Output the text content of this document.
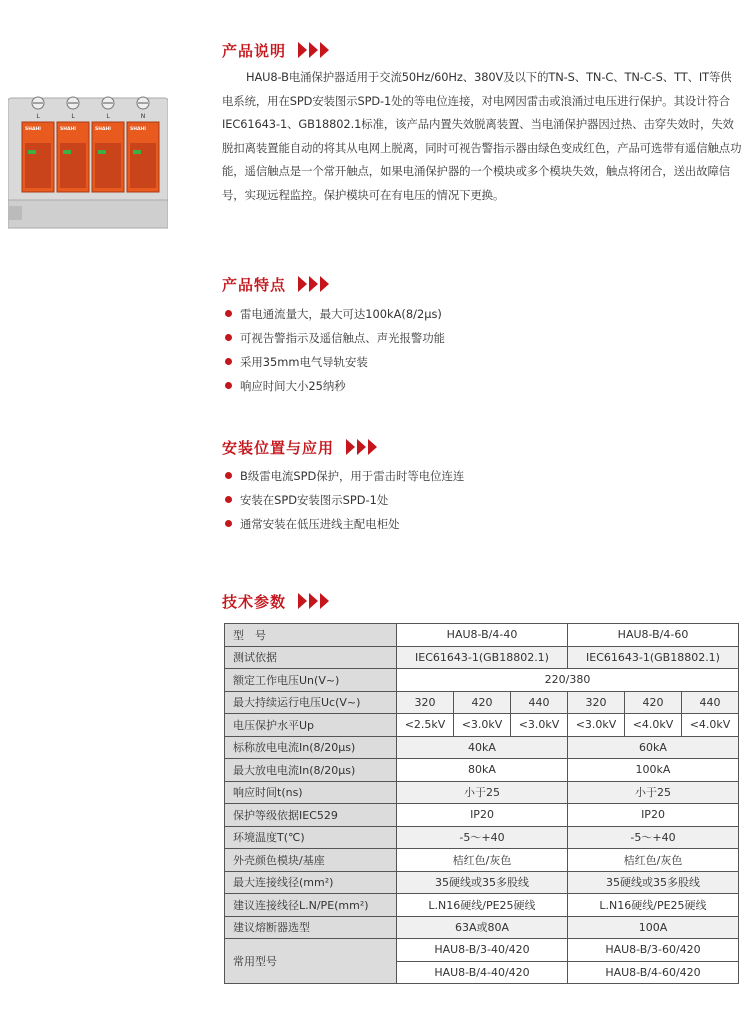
L	L	L	N
SHAHI	SHAHI	SHAHI	SHAHI
产品说明
HAU8-B电涌保护器适用于交流50Hz/60Hz、380V及以下的TN-S、TN-C、TN-C-S、TT、IT等供电系统，用在SPD安装图示SPD-1处的等电位连接，对电网因雷击或浪涌过电压进行保护。其设计符合IEC61643-1、GB18802.1标准，该产品内置失效脱离装置、当电涌保护器因过热、击穿失效时，失效脱扣离装置能自动的将其从电网上脱离，同时可视告警指示器由绿色变成红色，产品可选带有遥信触点功能，遥信触点是一个常开触点，如果电涌保护器的一个模块或多个模块失效，触点将闭合，送出故障信号，实现远程监控。保护模块可在有电压的情况下更换。
产品特点
雷电通流量大，最大可达100kA(8/2μs)
可视告警指示及遥信触点、声光报警功能
采用35mm电气导轨安装
响应时间大小25纳秒
安装位置与应用
B级雷电流SPD保护，用于雷击时等电位连连
安装在SPD安装图示SPD-1处
通常安装在低压进线主配电柜处
技术参数
型　号	HAU8-B/4-40			HAU8-B/4-60		
测试依据	IEC61643-1(GB18802.1)			IEC61643-1(GB18802.1)		
额定工作电压Un(V~)	220/380					
最大持续运行电压Uc(V~)	320	420	440	320	420	440
电压保护水平Up	<2.5kV	<3.0kV	<3.0kV	<3.0kV	<4.0kV	<4.0kV
标称放电电流In(8/20μs)	40kA			60kA		
最大放电电流In(8/20μs)	80kA			100kA		
响应时间t(ns)	小于25			小于25		
保护等级依据IEC529	IP20			IP20		
环境温度T(℃)	-5～+40			-5～+40		
外壳颜色模块/基座	桔红色/灰色			桔红色/灰色		
最大连接线径(mm²)	35硬线或35多股线			35硬线或35多股线		
建议连接线径L.N/PE(mm²)	L.N16硬线/PE25硬线			L.N16硬线/PE25硬线		
建议熔断器选型	63A或80A			100A		
常用型号	HAU8-B/3-40/420			HAU8-B/3-60/420		
	HAU8-B/4-40/420			HAU8-B/4-60/420		
